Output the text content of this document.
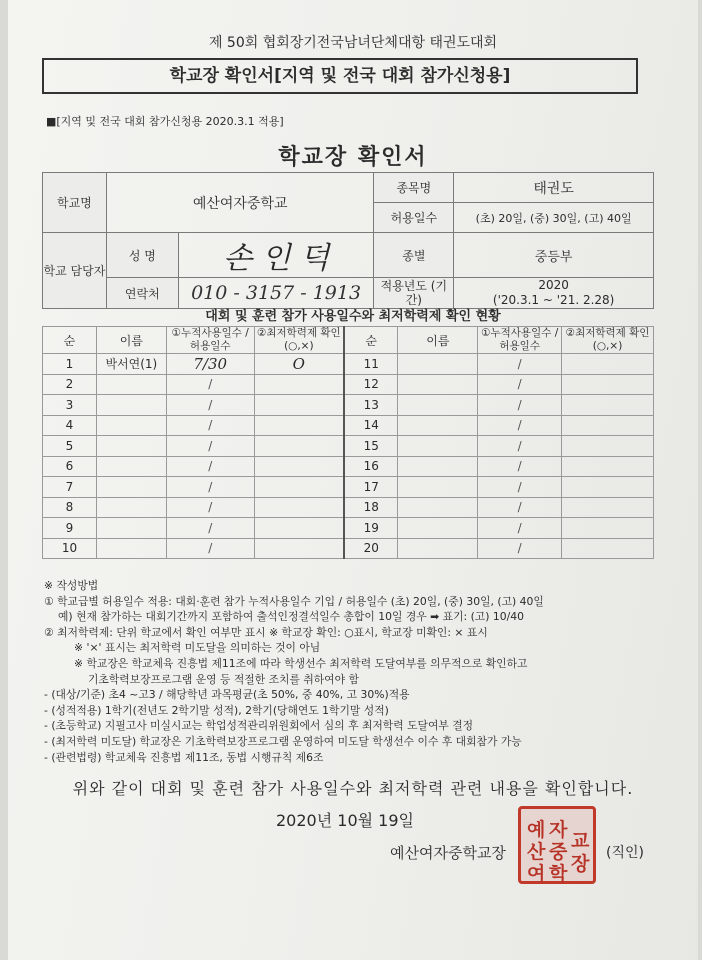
제 50회 협회장기전국남녀단체대항 태권도대회
학교장 확인서[지역 및 전국 대회 참가신청용]
■[지역 및 전국 대회 참가신청용 2020.3.1 적용]
학교장 확인서
학교명	예산여자중학교		종목명	태권도
			허용일수	(초) 20일, (중) 30일, (고) 40일
학교 담당자	성 명	손 인 덕	종별	중등부
	연락처	010 - 3157 - 1913	적용년도 (기간)	2020
('20.3.1 ~ '21. 2.28)
대회 및 훈련 참가 사용일수와 최저학력제 확인 현황
순	이름	①누적사용일수 /허용일수	②최저학력제 확인(○,×)	순	이름	①누적사용일수 /허용일수	②최저학력제 확인(○,×)
1	박서연(1)	7/30	O	11		/	
2		/		12		/	
3		/		13		/	
4		/		14		/	
5		/		15		/	
6		/		16		/	
7		/		17		/	
8		/		18		/	
9		/		19		/	
10		/		20		/	
※ 작성방법
① 학교급별 허용일수 적용: 대회·훈련 참가 누적사용일수 기입 / 허용일수 (초) 20일, (중) 30일, (고) 40일
예) 현재 참가하는 대회기간까지 포함하여 출석인정결석일수 총합이 10일 경우 ➡ 표기: (고) 10/40
② 최저학력제: 단위 학교에서 확인 여부만 표시 ※ 학교장 확인: ○표시, 학교장 미확인: × 표시
※ '×' 표시는 최저학력 미도달을 의미하는 것이 아님
※ 학교장은 학교체육 진흥법 제11조에 따라 학생선수 최저학력 도달여부를 의무적으로 확인하고
기초학력보장프로그램 운영 등 적절한 조치를 취하여야 함
- (대상/기준) 초4 ~고3 / 해당학년 과목평균(초 50%, 중 40%, 고 30%)적용
- (성적적용) 1학기(전년도 2학기말 성적), 2학기(당해연도 1학기말 성적)
- (초등학교) 지필고사 미실시교는 학업성적관리위원회에서 심의 후 최저학력 도달여부 결정
- (최저학력 미도달) 학교장은 기초학력보장프로그램 운영하여 미도달 학생선수 이수 후 대회참가 가능
- (관련법령) 학교체육 진흥법 제11조, 동법 시행규칙 제6조
위와 같이 대회 및 훈련 참가 사용일수와 최저학력 관련 내용을 확인합니다.
2020년 10월 19일
예산여자중학교장
예
산
여
자
중
학
교
장 (직인)
